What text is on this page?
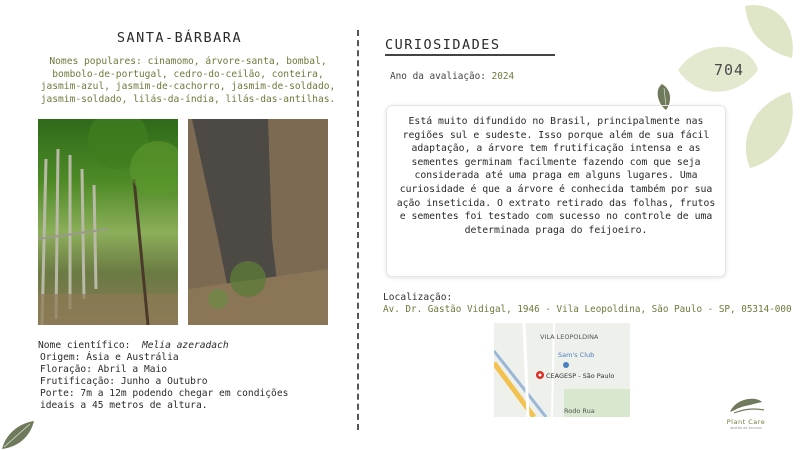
SANTA-BÁRBARA
Nomes populares: cinamomo, árvore-santa, bombal, bombolo-de-portugal, cedro-do-ceilão, conteira, jasmim-azul, jasmim-de-cachorro, jasmim-de-soldado, jasmim-soldado, lilás-da-índia, lilás-das-antilhas.
Nome científico: Melia azeradach
Origem: Ásia e Austrália
Floração: Abril a Maio
Frutificação: Junho a Outubro
Porte: 7m a 12m podendo chegar em condições ideais a 45 metros de altura.
CURIOSIDADES
Ano da avaliação: 2024	704
Está muito difundido no Brasil, principalmente nas regiões sul e sudeste. Isso porque além de sua fácil adaptação, a árvore tem frutificação intensa e as sementes germinam facilmente fazendo com que seja considerada até uma praga em alguns lugares. Uma curiosidade é que a árvore é conhecida também por sua ação inseticida. O extrato retirado das folhas, frutos e sementes foi testado com sucesso no controle de uma determinada praga do feijoeiro.
Localização:
Av. Dr. Gastão Vidigal, 1946 - Vila Leopoldina, São Paulo - SP, 05314-000
VILA LEOPOLDINA
Sam's Club
CEAGESP - São Paulo
Rodo Rua
Plant Care
gestão de árvores
